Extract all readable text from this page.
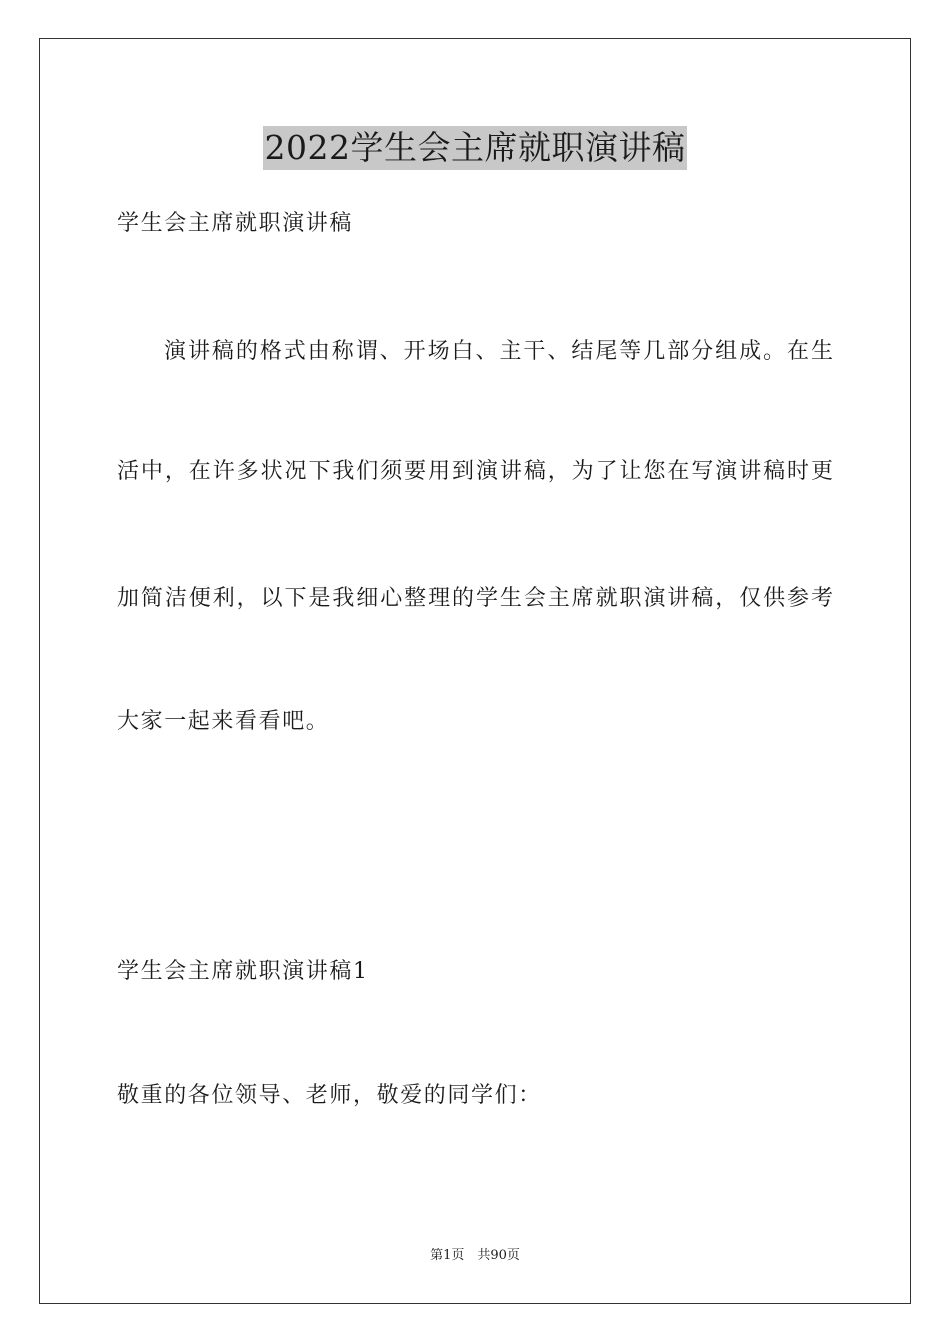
2022学生会主席就职演讲稿
学生会主席就职演讲稿
演讲稿的格式由称谓、开场白、主干、结尾等几部分组成。在生
活中，在许多状况下我们须要用到演讲稿，为了让您在写演讲稿时更
加简洁便利，以下是我细心整理的学生会主席就职演讲稿，仅供参考
大家一起来看看吧。
学生会主席就职演讲稿1
敬重的各位领导、老师，敬爱的同学们：
第1页　共90页
